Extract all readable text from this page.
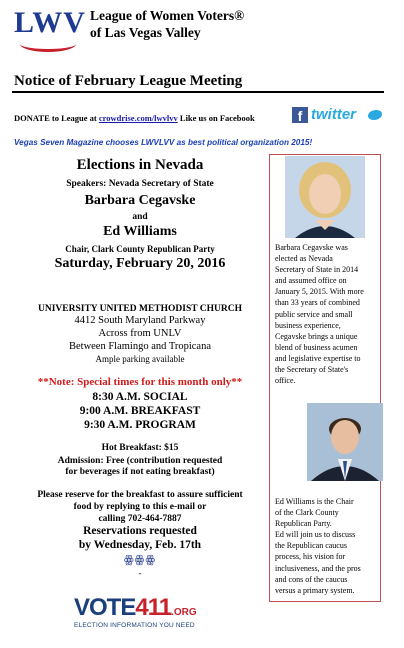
LWV League of Women Voters®
of Las Vegas Valley
Notice of February League Meeting
DONATE to League at crowdrise.com/lwvlvv Like us on Facebook	f twitter
Vegas Seven Magazine chooses LWVLVV as best political organization 2015!
Elections in Nevada
Speakers: Nevada Secretary of State
Barbara Cegavske
and
Ed Williams
Chair, Clark County Republican Party
Saturday, February 20, 2016
UNIVERSITY UNITED METHODIST CHURCH
4412 South Maryland Parkway
Across from UNLV
Between Flamingo and Tropicana
Ample parking available
**Note: Special times for this month only**
8:30 A.M. SOCIAL
9:00 A.M. BREAKFAST
9:30 A.M. PROGRAM
Hot Breakfast: $15
Admission: Free (contribution requested
for beverages if not eating breakfast)
Please reserve for the breakfast to assure sufficient
food by replying to this e-mail or
calling 702-464-7887
Reservations requested
by Wednesday, Feb. 17th
ꙮꙮꙮ
-
VOTE411.ORG
ELECTION INFORMATION YOU NEED
Barbara Cegavske was
elected as Nevada
Secretary of State in 2014
and assumed office on
January 5, 2015. With more
than 33 years of combined
public service and small
business experience,
Cegavske brings a unique
blend of business acumen
and legislative expertise to
the Secretary of State's
office.
Ed Williams is the Chair
of the Clark County
Republican Party.
Ed will join us to discuss
the Republican caucus
process, his vision for
inclusiveness, and the pros
and cons of the caucus
versus a primary system.
